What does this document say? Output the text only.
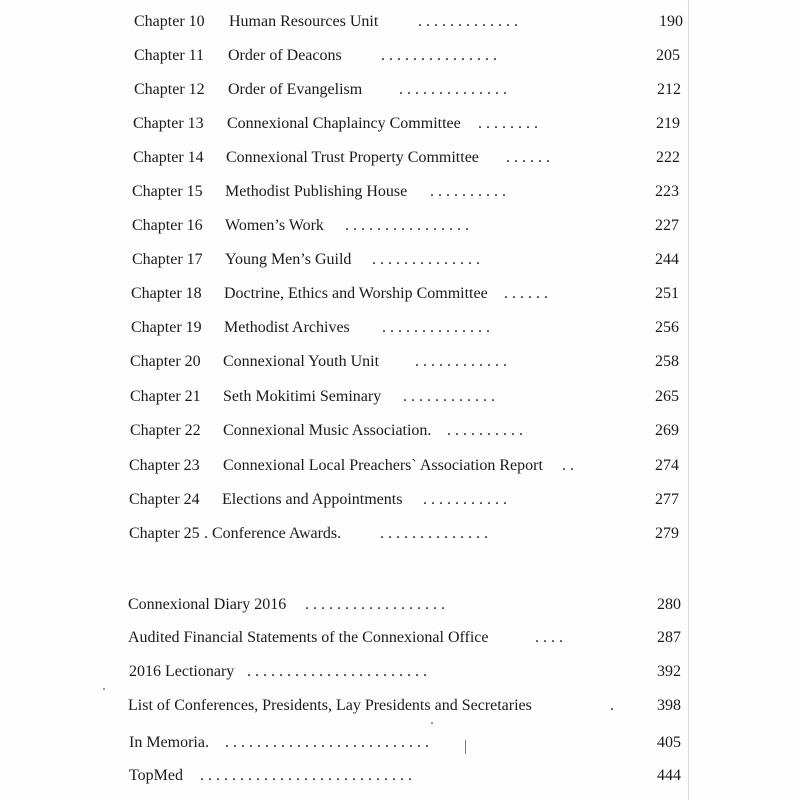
Chapter 10 Human Resources Unit . . . . . . . . . . . . .	190
Chapter 11 Order of Deacons . . . . . . . . . . . . . . .	205
Chapter 12 Order of Evangelism . . . . . . . . . . . . . .	212
Chapter 13 Connexional Chaplaincy Committee . . . . . . . .	219
Chapter 14 Connexional Trust Property Committee . . . . . .	222
Chapter 15 Methodist Publishing House . . . . . . . . . .	223
Chapter 16 Women’s Work . . . . . . . . . . . . . . . .	227
Chapter 17 Young Men’s Guild . . . . . . . . . . . . . .	244
Chapter 18 Doctrine, Ethics and Worship Committee . . . . . .	251
Chapter 19 Methodist Archives . . . . . . . . . . . . . .	256
Chapter 20 Connexional Youth Unit . . . . . . . . . . . .	258
Chapter 21 Seth Mokitimi Seminary . . . . . . . . . . . .	265
Chapter 22 Connexional Music Association. . . . . . . . . . .	269
Chapter 23 Connexional Local Preachers` Association Report . .	274
Chapter 24 Elections and Appointments . . . . . . . . . . .	277
Chapter 25 . Conference Awards. . . . . . . . . . . . . . .	279
Connexional Diary 2016 . . . . . . . . . . . . . . . . . .	280
Audited Financial Statements of the Connexional Office	. . . .	287
2016 Lectionary . . . . . . . . . . . . . . . . . . . . . . .	392
List of Conferences, Presidents, Lay Presidents and Secretaries	.	398
In Memoria. . . . . . . . . . . . . . . . . . . . . . . . . . .	405
TopMed . . . . . . . . . . . . . . . . . . . . . . . . . . .	444
